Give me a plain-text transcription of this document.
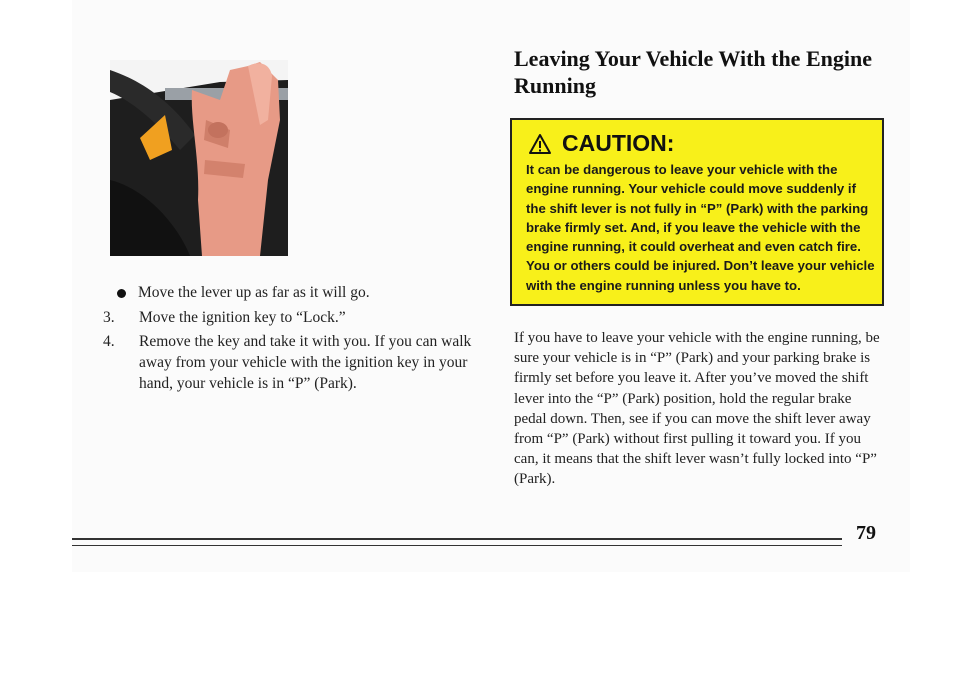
Move the lever up as far as it will go.
3. Move the ignition key to “Lock.”
4. Remove the key and take it with you. If you can walk away from your vehicle with the ignition key in your hand, your vehicle is in “P” (Park).
Leaving Your Vehicle With the Engine
Running
CAUTION:
It can be dangerous to leave your vehicle with the engine running. Your vehicle could move suddenly if the shift lever is not fully in “P” (Park) with the parking brake firmly set. And, if you leave the vehicle with the engine running, it could overheat and even catch fire. You or others could be injured. Don’t leave your vehicle with the engine running unless you have to.
If you have to leave your vehicle with the engine running, be sure your vehicle is in “P” (Park) and your parking brake is firmly set before you leave it. After you’ve moved the shift lever into the “P” (Park) position, hold the regular brake pedal down. Then, see if you can move the shift lever away from “P” (Park) without first pulling it toward you. If you can, it means that the shift lever wasn’t fully locked into “P” (Park).
79
